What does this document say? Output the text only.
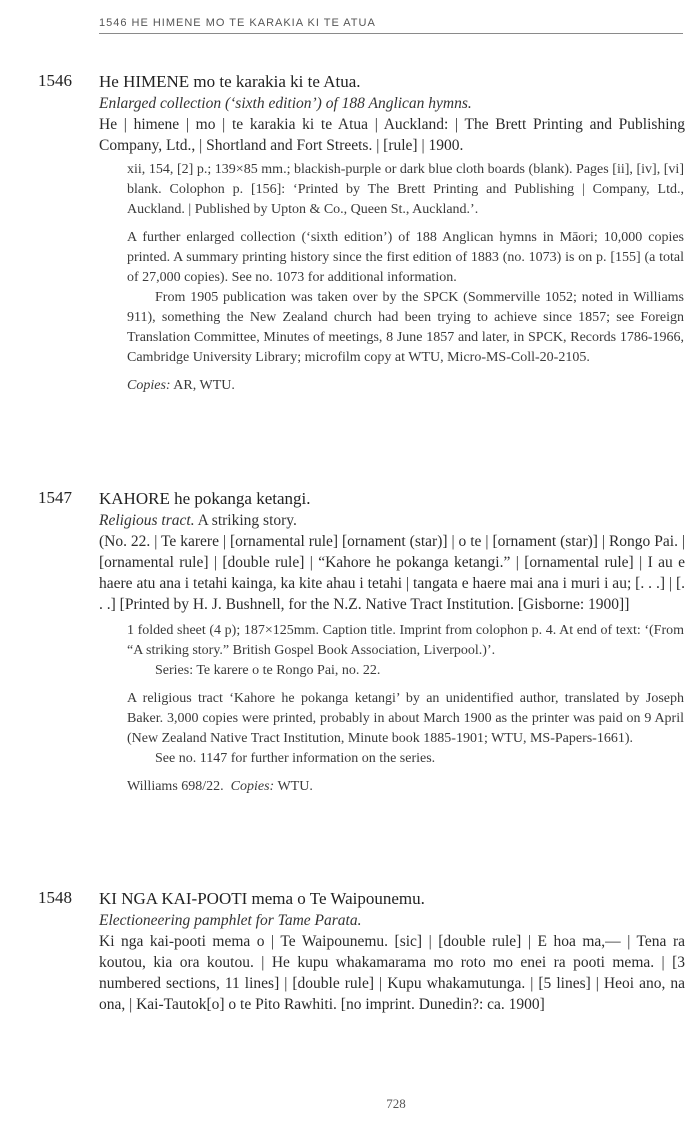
1546 HE HIMENE MO TE KARAKIA KI TE ATUA
1546 He HIMENE mo te karakia ki te Atua.
Enlarged collection (‘sixth edition’) of 188 Anglican hymns.

He | himene | mo | te karakia ki te Atua | Auckland: | The Brett Printing and Publishing Company, Ltd., | Shortland and Fort Streets. | [rule] | 1900.

xii, 154, [2] p.; 139×85 mm.; blackish-purple or dark blue cloth boards (blank). Pages [ii], [iv], [vi] blank. Colophon p. [156]: ‘Printed by The Brett Printing and Publishing | Company, Ltd., Auckland. | Published by Upton & Co., Queen St., Auckland.’.

A further enlarged collection (‘sixth edition’) of 188 Anglican hymns in Māori; 10,000 copies printed. A summary printing history since the first edition of 1883 (no. 1073) is on p. [155] (a total of 27,000 copies). See no. 1073 for additional information.

From 1905 publication was taken over by the SPCK (Sommerville 1052; noted in Williams 911), something the New Zealand church had been trying to achieve since 1857; see Foreign Translation Committee, Minutes of meetings, 8 June 1857 and later, in SPCK, Records 1786-1966, Cambridge University Library; microfilm copy at WTU, Micro-MS-Coll-20-2105.

Copies: AR, WTU.

1547 KAHORE he pokanga ketangi.
Religious tract. A striking story.

(No. 22. | Te karere | [ornamental rule] [ornament (star)] | o te | [ornament (star)] | Rongo Pai. | [ornamental rule] | [double rule] | “Kahore he pokanga ketangi.” | [ornamental rule] | I au e haere atu ana i tetahi kainga, ka kite ahau i tetahi | tangata e haere mai ana i muri i au; [. . .] | [. . .] [Printed by H. J. Bushnell, for the N.Z. Native Tract Institution. [Gisborne: 1900]]

1 folded sheet (4 p); 187×125mm. Caption title. Imprint from colophon p. 4. At end of text: ‘(From “A striking story.” British Gospel Book Association, Liverpool.)’.

Series: Te karere o te Rongo Pai, no. 22.

A religious tract ‘Kahore he pokanga ketangi’ by an unidentified author, translated by Joseph Baker. 3,000 copies were printed, probably in about March 1900 as the printer was paid on 9 April (New Zealand Native Tract Institution, Minute book 1885-1901; WTU, MS-Papers-1661).

See no. 1147 for further information on the series.

Williams 698/22. Copies: WTU.

1548 KI NGA KAI-POOTI mema o Te Waipounemu.
Electioneering pamphlet for Tame Parata.

Ki nga kai-pooti mema o | Te Waipounemu. [sic] | [double rule] | E hoa ma,— | Tena ra koutou, kia ora koutou. | He kupu whakamarama mo roto mo enei ra pooti mema. | [3 numbered sections, 11 lines] | [double rule] | Kupu whakamutunga. | [5 lines] | Heoi ano, na ona, | Kai-Tautok[o] o te Pito Rawhiti. [no imprint. Dunedin?: ca. 1900]

728
